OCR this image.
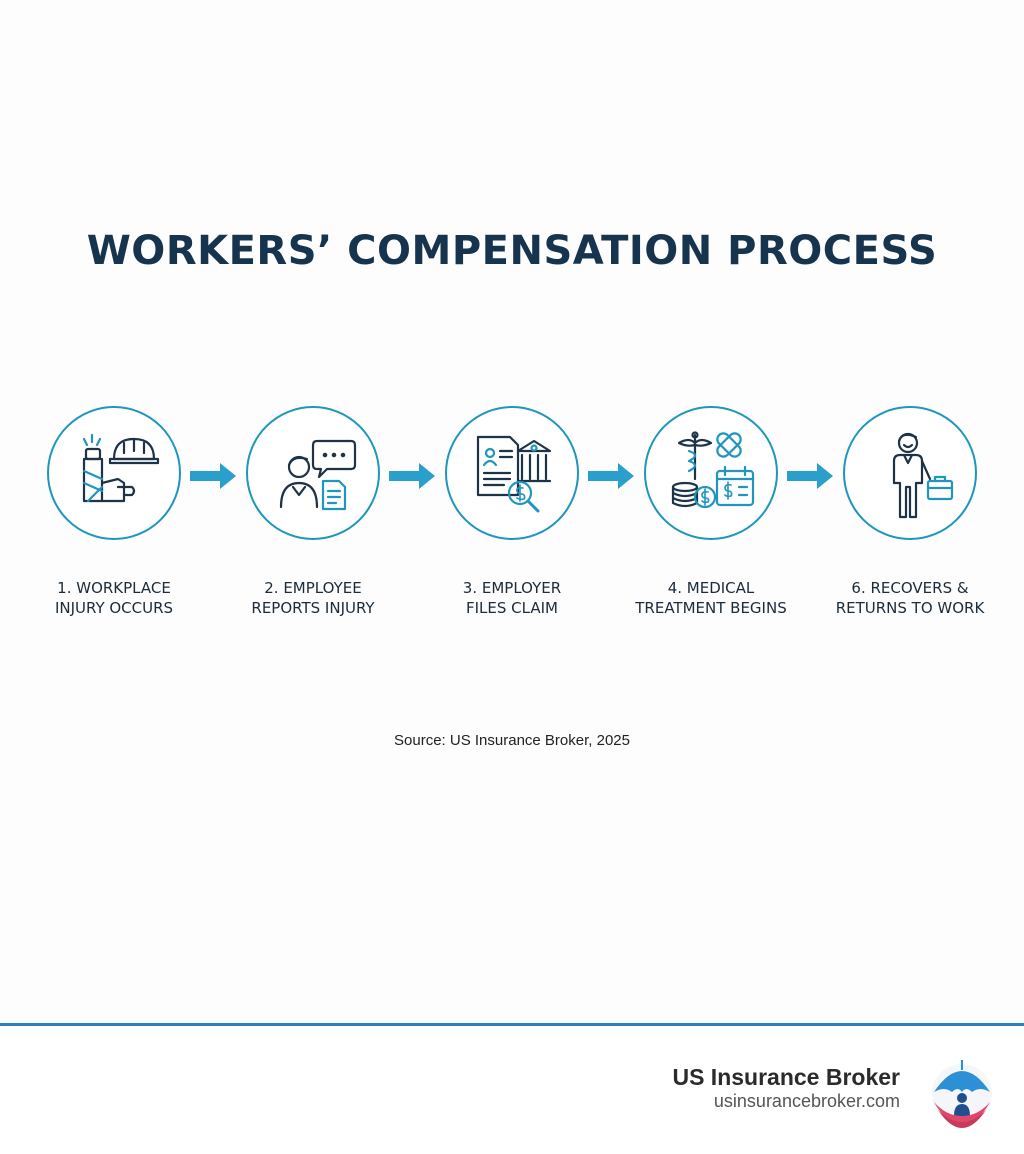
WORKERS’ COMPENSATION PROCESS
1. WORKPLACE
INJURY OCCURS
2. EMPLOYEE
REPORTS INJURY
3. EMPLOYER
FILES CLAIM
4. MEDICAL
TREATMENT BEGINS
6. RECOVERS &
RETURNS TO WORK
Source: US Insurance Broker, 2025
US Insurance Broker
usinsurancebroker.com
